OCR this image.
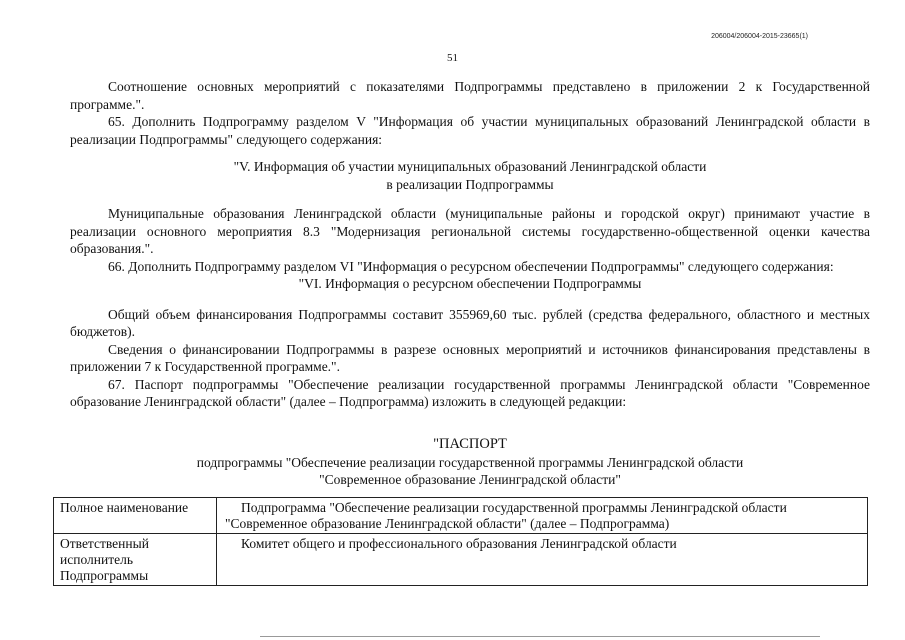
206004/206004-2015-23665(1)
51

Соотношение основных мероприятий с показателями Подпрограммы представлено в приложении 2 к Государственной программе.".

65. Дополнить Подпрограмму разделом V "Информация об участии муниципальных образований Ленинградской области в реализации Подпрограммы" следующего содержания:

"V. Информация об участии муниципальных образований Ленинградской области
в реализации Подпрограммы

Муниципальные образования Ленинградской области (муниципальные районы и городской округ) принимают участие в реализации основного мероприятия 8.3 "Модернизация региональной системы государственно-общественной оценки качества образования.".

66. Дополнить Подпрограмму разделом VI "Информация о ресурсном обеспечении Подпрограммы" следующего содержания:

"VI. Информация о ресурсном обеспечении Подпрограммы

Общий объем финансирования Подпрограммы составит 355969,60 тыс. рублей (средства федерального, областного и местных бюджетов).

Сведения о финансировании Подпрограммы в разрезе основных мероприятий и источников финансирования представлены в приложении 7 к Государственной программе.".

67. Паспорт подпрограммы "Обеспечение реализации государственной программы Ленинградской области "Современное образование Ленинградской области" (далее – Подпрограмма) изложить в следующей редакции:

"ПАСПОРТ
подпрограммы "Обеспечение реализации государственной программы Ленинградской области
"Современное образование Ленинградской области"
Полное наименование	Подпрограмма "Обеспечение реализации государственной программы Ленинградской области "Современное образование Ленинградской области" (далее – Подпрограмма)
Ответственный исполнитель Подпрограммы	Комитет общего и профессионального образования Ленинградской области
